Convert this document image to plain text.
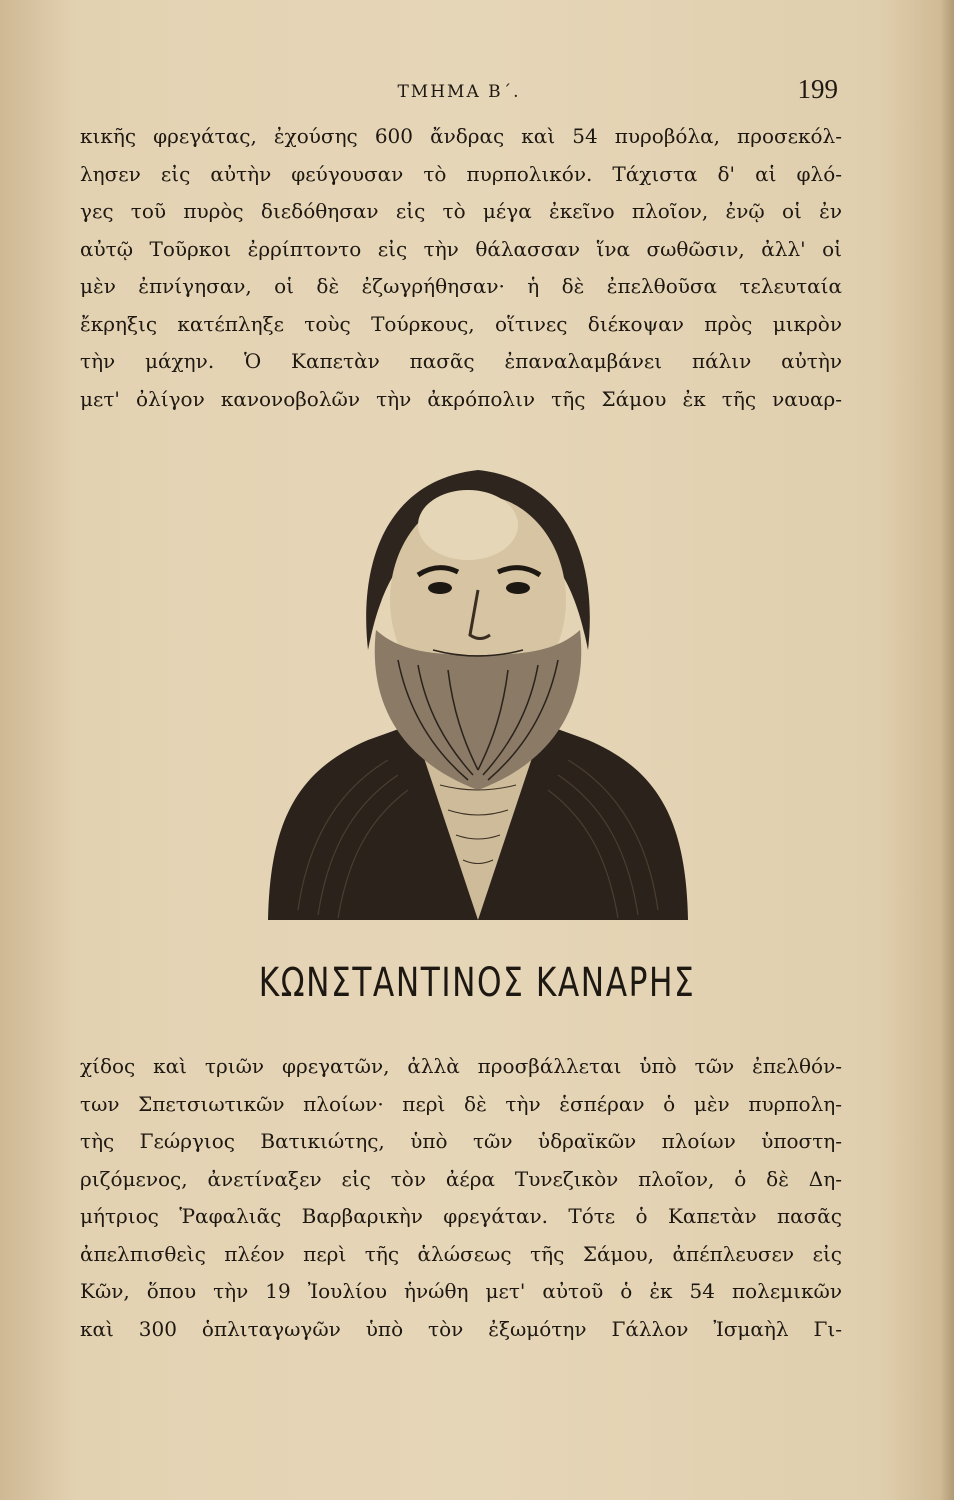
ΤΜΗΜΑ Β΄.	199
κικῆς φρεγάτας, ἐχούσης 600 ἄνδρας καὶ 54 πυροβόλα, προσεκόλ-
λησεν εἰς αὐτὴν φεύγουσαν τὸ πυρπολικόν. Τάχιστα δ' αἱ φλό-
γες τοῦ πυρὸς διεδόθησαν εἰς τὸ μέγα ἐκεῖνο πλοῖον, ἐνῷ οἱ ἐν
αὐτῷ Τοῦρκοι ἐρρίπτοντο εἰς τὴν θάλασσαν ἵνα σωθῶσιν, ἀλλ' οἱ
μὲν ἐπνίγησαν, οἱ δὲ ἐζωγρήθησαν· ἡ δὲ ἐπελθοῦσα τελευταία
ἔκρηξις κατέπληξε τοὺς Τούρκους, οἵτινες διέκοψαν πρὸς μικρὸν
τὴν μάχην. Ὁ Καπετὰν πασᾶς ἐπαναλαμβάνει πάλιν αὐτὴν
μετ' ὀλίγον κανονοβολῶν τὴν ἀκρόπολιν τῆς Σάμου ἐκ τῆς ναυαρ-
ΚΩΝΣΤΑΝΤΙΝΟΣ ΚΑΝΑΡΗΣ
χίδος καὶ τριῶν φρεγατῶν, ἀλλὰ προσβάλλεται ὑπὸ τῶν ἐπελθόν-
των Σπετσιωτικῶν πλοίων· περὶ δὲ τὴν ἑσπέραν ὁ μὲν πυρπολη-
τὴς Γεώργιος Βατικιώτης, ὑπὸ τῶν ὑδραϊκῶν πλοίων ὑποστη-
ριζόμενος, ἀνετίναξεν εἰς τὸν ἀέρα Τυνεζικὸν πλοῖον, ὁ δὲ Δη-
μήτριος Ῥαφαλιᾶς Βαρβαρικὴν φρεγάταν. Τότε ὁ Καπετὰν πασᾶς
ἀπελπισθεὶς πλέον περὶ τῆς ἁλώσεως τῆς Σάμου, ἀπέπλευσεν εἰς
Κῶν, ὅπου τὴν 19 Ἰουλίου ἡνώθη μετ' αὐτοῦ ὁ ἐκ 54 πολεμικῶν
καὶ 300 ὁπλιταγωγῶν ὑπὸ τὸν ἐξωμότην Γάλλον Ἰσμαὴλ Γι-
